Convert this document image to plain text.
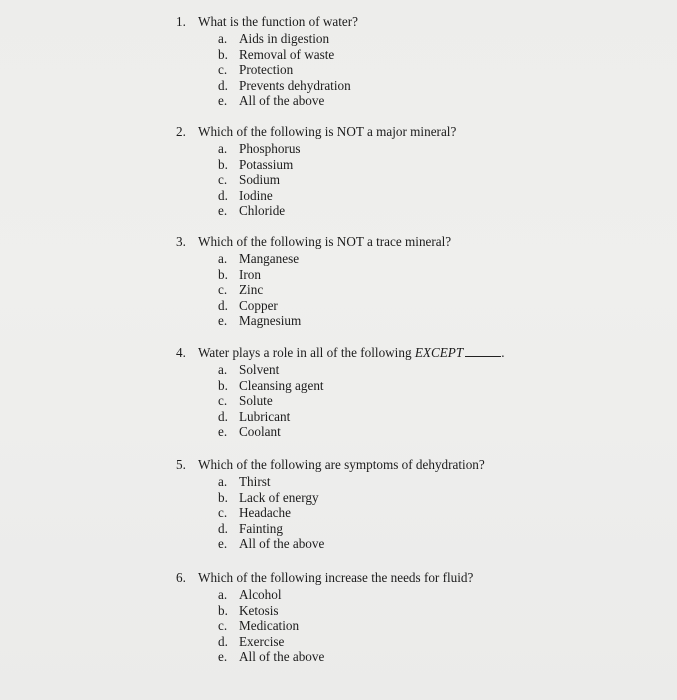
1. What is the function of water?
a. Aids in digestion
b. Removal of waste
c. Protection
d. Prevents dehydration
e. All of the above
2. Which of the following is NOT a major mineral?
a. Phosphorus
b. Potassium
c. Sodium
d. Iodine
e. Chloride
3. Which of the following is NOT a trace mineral?
a. Manganese
b. Iron
c. Zinc
d. Copper
e. Magnesium
4. Water plays a role in all of the following EXCEPT	.
a. Solvent
b. Cleansing agent
c. Solute
d. Lubricant
e. Coolant
5. Which of the following are symptoms of dehydration?
a. Thirst
b. Lack of energy
c. Headache
d. Fainting
e. All of the above
6. Which of the following increase the needs for fluid?
a. Alcohol
b. Ketosis
c. Medication
d. Exercise
e. All of the above
